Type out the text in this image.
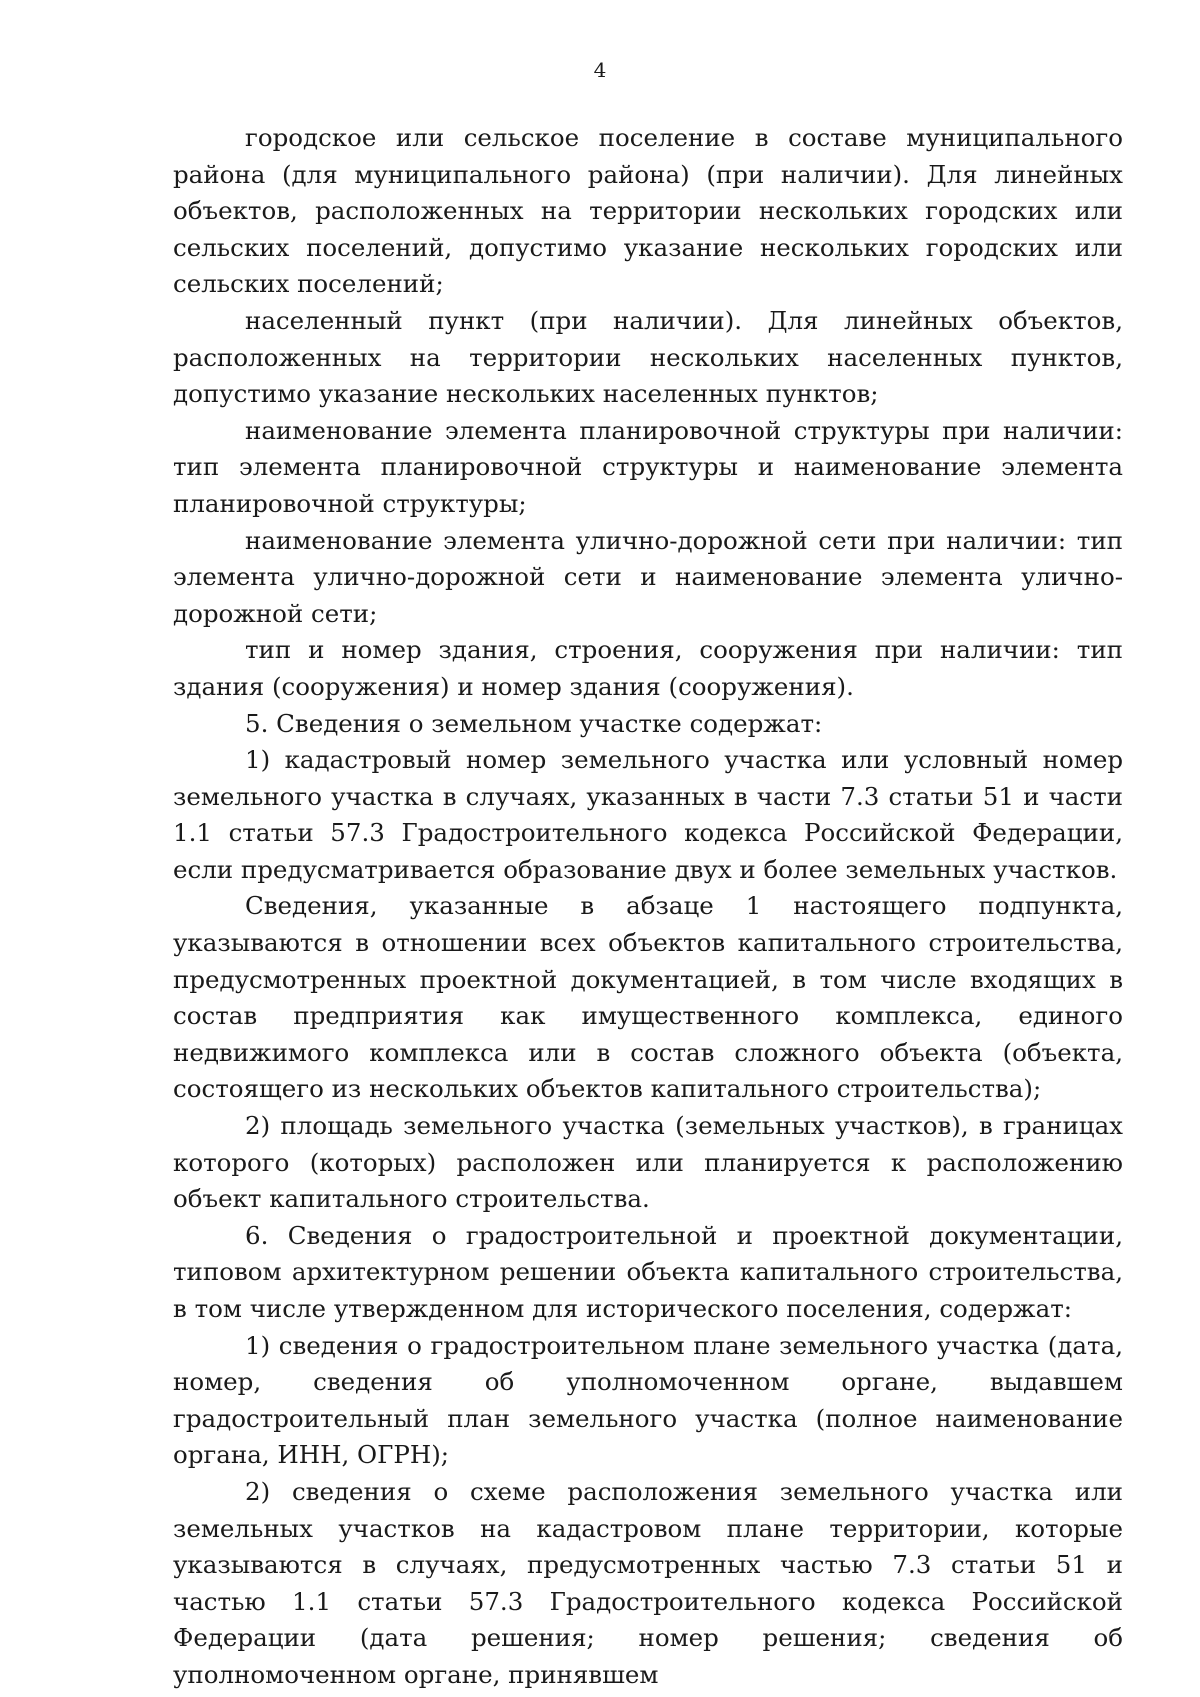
4

городское или сельское поселение в составе муниципального района (для муниципального района) (при наличии). Для линейных объектов, расположенных на территории нескольких городских или сельских поселений, допустимо указание нескольких городских или сельских поселений;

населенный пункт (при наличии). Для линейных объектов, расположенных на территории нескольких населенных пунктов, допустимо указание нескольких населенных пунктов;

наименование элемента планировочной структуры при наличии: тип элемента планировочной структуры и наименование элемента планировочной структуры;

наименование элемента улично-дорожной сети при наличии: тип элемента улично-дорожной сети и наименование элемента улично-дорожной сети;

тип и номер здания, строения, сооружения при наличии: тип здания (сооружения) и номер здания (сооружения).

5. Сведения о земельном участке содержат:

1) кадастровый номер земельного участка или условный номер земельного участка в случаях, указанных в части 7.3 статьи 51 и части 1.1 статьи 57.3 Градостроительного кодекса Российской Федерации, если предусматривается образование двух и более земельных участков.

Сведения, указанные в абзаце 1 настоящего подпункта, указываются в отношении всех объектов капитального строительства, предусмотренных проектной документацией, в том числе входящих в состав предприятия как имущественного комплекса, единого недвижимого комплекса или в состав сложного объекта (объекта, состоящего из нескольких объектов капитального строительства);

2) площадь земельного участка (земельных участков), в границах которого (которых) расположен или планируется к расположению объект капитального строительства.

6. Сведения о градостроительной и проектной документации, типовом архитектурном решении объекта капитального строительства, в том числе утвержденном для исторического поселения, содержат:

1) сведения о градостроительном плане земельного участка (дата, номер, сведения об уполномоченном органе, выдавшем градостроительный план земельного участка (полное наименование органа, ИНН, ОГРН);

2) сведения о схеме расположения земельного участка или земельных участков на кадастровом плане территории, которые указываются в случаях, предусмотренных частью 7.3 статьи 51 и частью 1.1 статьи 57.3 Градостроительного кодекса Российской Федерации (дата решения; номер решения; сведения об уполномоченном органе, принявшем
